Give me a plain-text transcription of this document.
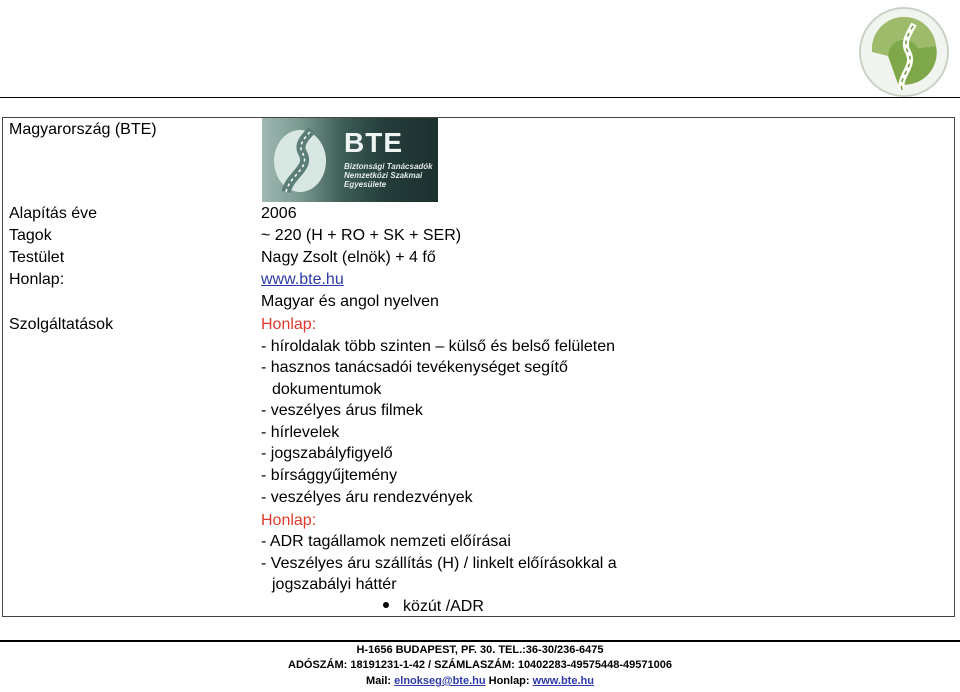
Magyarország (BTE)	BTE
Biztonsági Tanácsadók
Nemzetközi Szakmai
Egyesülete
Alapítás éve	2006
Tagok	~ 220 (H + RO + SK + SER)
Testület	Nagy Zsolt (elnök) + 4 fő
Honlap:	www.bte.hu
Magyar és angol nyelven
Szolgáltatások	Honlap:
- híroldalak több szinten – külső és belső felületen
- hasznos tanácsadói tevékenységet segítő
dokumentumok
- veszélyes árus filmek
- hírlevelek
- jogszabályfigyelő
- bírsággyűjtemény
- veszélyes áru rendezvények
Honlap:
- ADR tagállamok nemzeti előírásai
- Veszélyes áru szállítás (H) / linkelt előírásokkal a
jogszabályi háttér
közút /ADR
H-1656 BUDAPEST, PF. 30. TEL.:36-30/236-6475
ADÓSZÁM: 18191231-1-42 / SZÁMLASZÁM: 10402283-49575448-49571006
Mail: elnokseg@bte.hu Honlap: www.bte.hu
